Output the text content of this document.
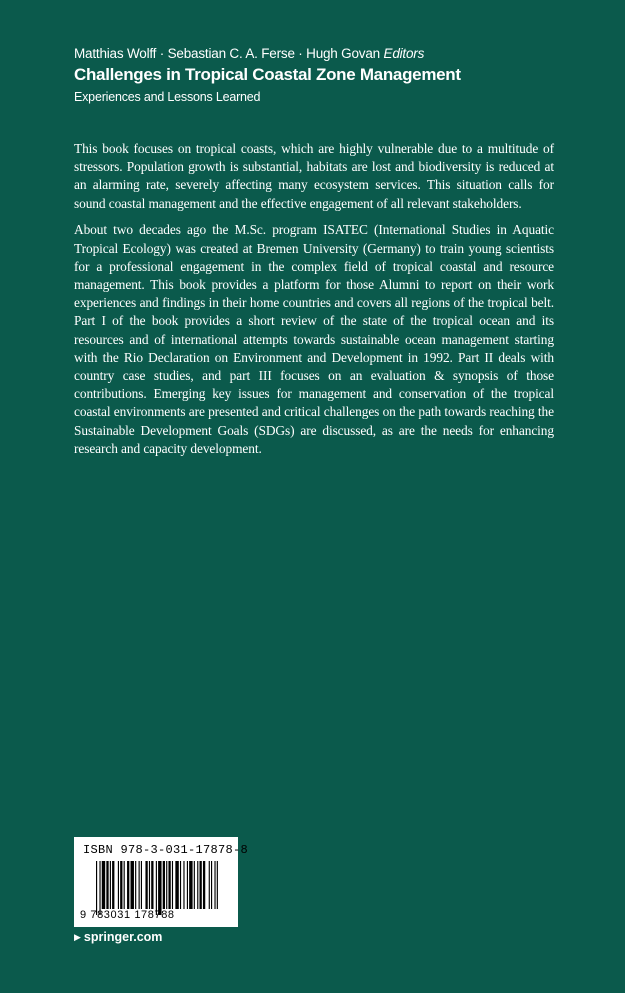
Matthias Wolff · Sebastian C. A. Ferse · Hugh Govan Editors
Challenges in Tropical Coastal Zone Management
Experiences and Lessons Learned

This book focuses on tropical coasts, which are highly vulnerable due to a multitude of stressors. Population growth is substantial, habitats are lost and biodiversity is reduced at an alarming rate, severely affecting many ecosystem services. This situation calls for sound coastal management and the effective engagement of all relevant stakeholders.

About two decades ago the M.Sc. program ISATEC (International Studies in Aquatic Tropical Ecology) was created at Bremen University (Germany) to train young scientists for a professional engagement in the complex field of tropical coastal and resource management. This book provides a platform for those Alumni to report on their work experiences and findings in their home countries and covers all regions of the tropical belt. Part I of the book provides a short review of the state of the tropical ocean and its resources and of international attempts towards sustainable ocean management starting with the Rio Declaration on Environment and Development in 1992. Part II deals with country case studies, and part III focuses on an evaluation & synopsis of those contributions. Emerging key issues for management and conservation of the tropical coastal environments are presented and critical challenges on the path towards reaching the Sustainable Development Goals (SDGs) are discussed, as are the needs for enhancing research and capacity development.

ISBN 978-3-031-17878-8
9 783031 178788
▶ springer.com
